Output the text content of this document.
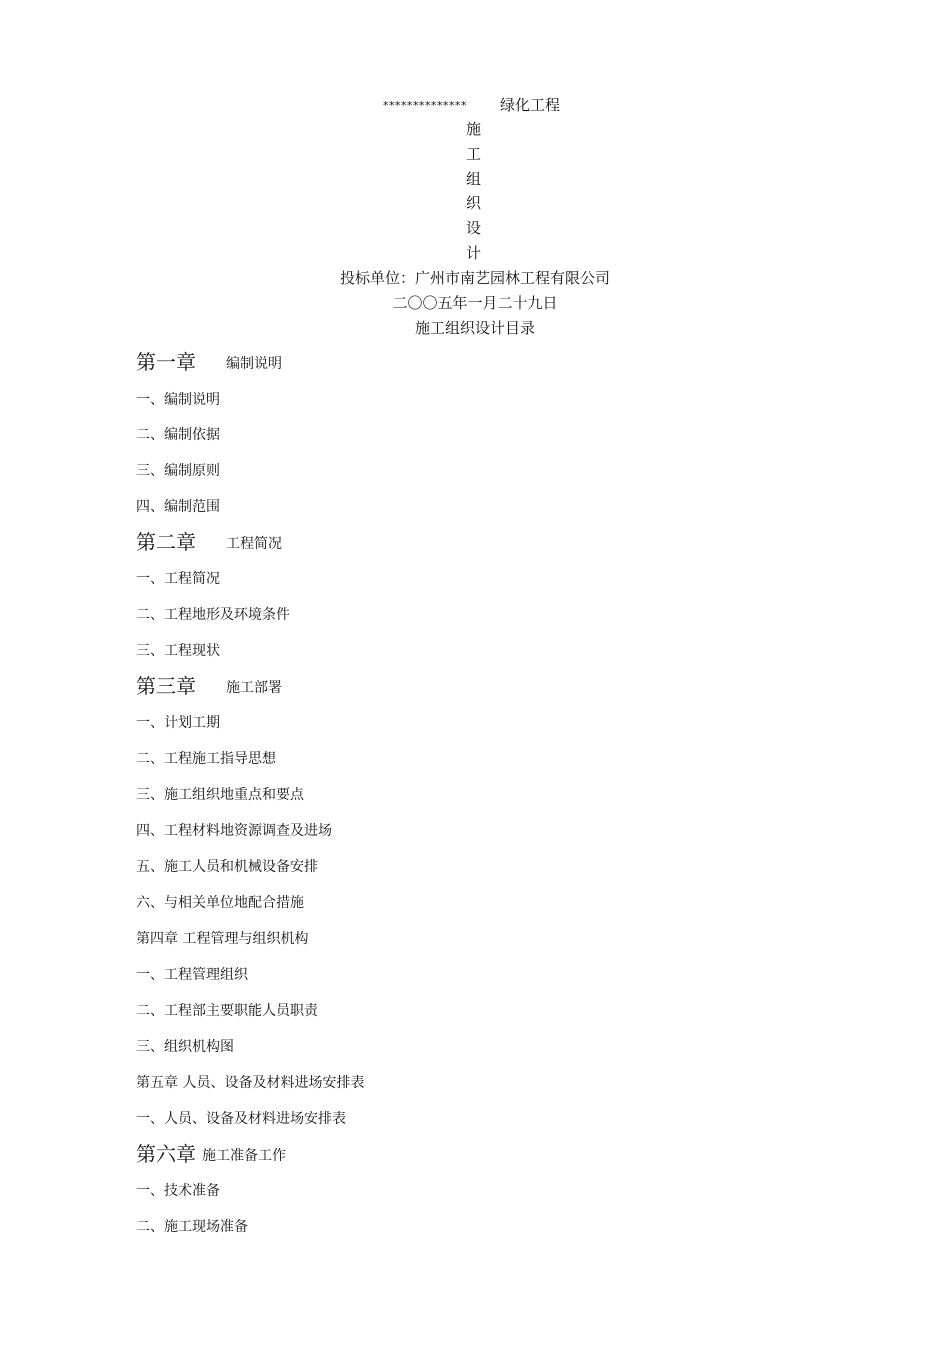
************** 绿化工程
施
工
组
织
设
计
投标单位：广州市南艺园林工程有限公司
二〇〇五年一月二十九日
施工组织设计目录
第一章 编制说明
一、编制说明
二、编制依据
三、编制原则
四、编制范围
第二章 工程简况
一、工程简况
二、工程地形及环境条件
三、工程现状
第三章 施工部署
一、计划工期
二、工程施工指导思想
三、施工组织地重点和要点
四、工程材料地资源调查及进场
五、施工人员和机械设备安排
六、与相关单位地配合措施
第四章 工程管理与组织机构
一、工程管理组织
二、工程部主要职能人员职责
三、组织机构图
第五章 人员、设备及材料进场安排表
一、人员、设备及材料进场安排表
第六章 施工准备工作
一、技术准备
二、施工现场准备
